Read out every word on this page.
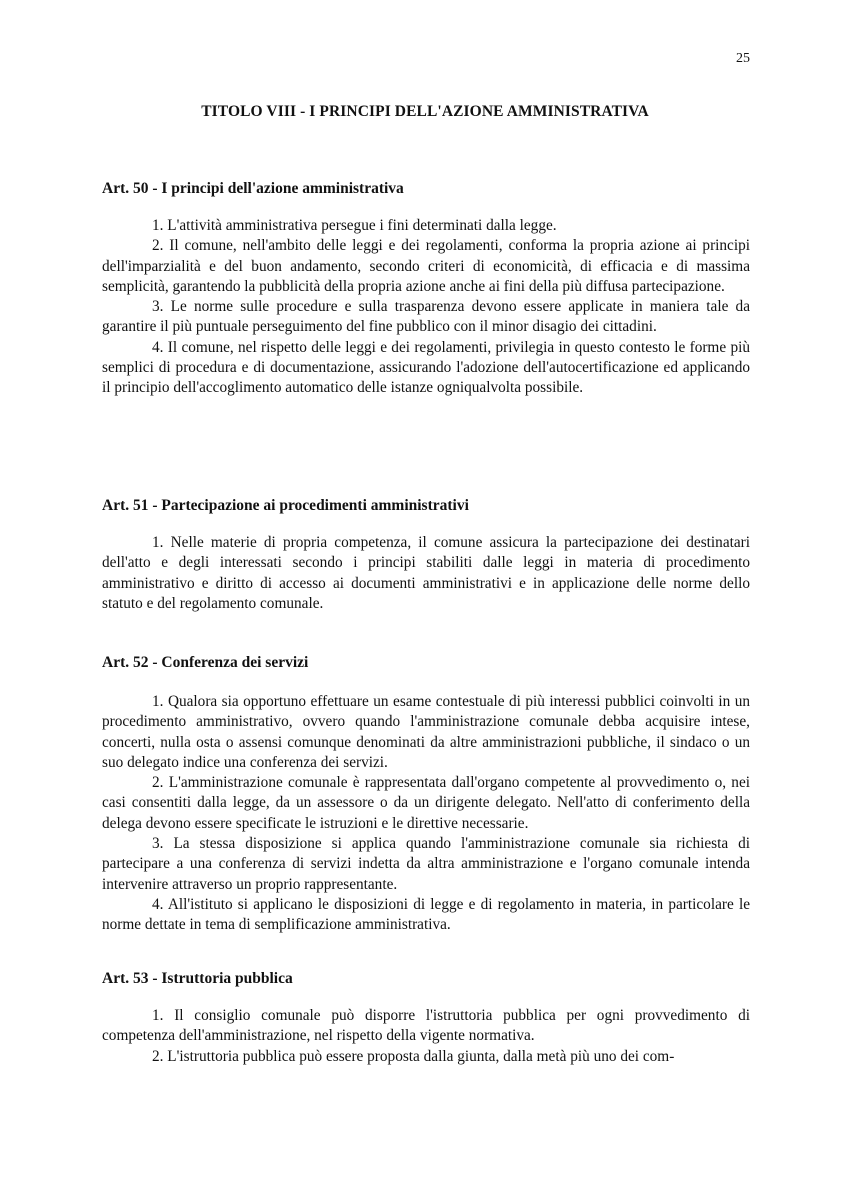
25
TITOLO VIII - I PRINCIPI DELL'AZIONE AMMINISTRATIVA
Art. 50 - I principi dell'azione amministrativa

1. L'attività amministrativa persegue i fini determinati dalla legge.

2. Il comune, nell'ambito delle leggi e dei regolamenti, conforma la propria azione ai principi dell'imparzialità e del buon andamento, secondo criteri di economicità, di efficacia e di massima semplicità, garantendo la pubblicità della propria azione anche ai fini della più diffusa partecipazione.

3. Le norme sulle procedure e sulla trasparenza devono essere applicate in maniera tale da garantire il più puntuale perseguimento del fine pubblico con il minor disagio dei cittadini.

4. Il comune, nel rispetto delle leggi e dei regolamenti, privilegia in questo contesto le forme più semplici di procedura e di documentazione, assicurando l'adozione dell'autocertificazione ed applicando il principio dell'accoglimento automatico delle istanze ogniqualvolta possibile.

Art. 51 - Partecipazione ai procedimenti amministrativi

1. Nelle materie di propria competenza, il comune assicura la partecipazione dei destinatari dell'atto e degli interessati secondo i principi stabiliti dalle leggi in materia di procedimento amministrativo e diritto di accesso ai documenti amministrativi e in applicazione delle norme dello statuto e del regolamento comunale.

Art. 52 - Conferenza dei servizi

1. Qualora sia opportuno effettuare un esame contestuale di più interessi pubblici coinvolti in un procedimento amministrativo, ovvero quando l'amministrazione comunale debba acquisire intese, concerti, nulla osta o assensi comunque denominati da altre amministrazioni pubbliche, il sindaco o un suo delegato indice una conferenza dei servizi.

2. L'amministrazione comunale è rappresentata dall'organo competente al provvedimento o, nei casi consentiti dalla legge, da un assessore o da un dirigente delegato. Nell'atto di conferimento della delega devono essere specificate le istruzioni e le direttive necessarie.

3. La stessa disposizione si applica quando l'amministrazione comunale sia richiesta di partecipare a una conferenza di servizi indetta da altra amministrazione e l'organo comunale intenda intervenire attraverso un proprio rappresentante.

4. All'istituto si applicano le disposizioni di legge e di regolamento in materia, in particolare le norme dettate in tema di semplificazione amministrativa.

Art. 53 - Istruttoria pubblica

1. Il consiglio comunale può disporre l'istruttoria pubblica per ogni provvedimento di competenza dell'amministrazione, nel rispetto della vigente normativa.

2. L'istruttoria pubblica può essere proposta dalla giunta, dalla metà più uno dei com-
